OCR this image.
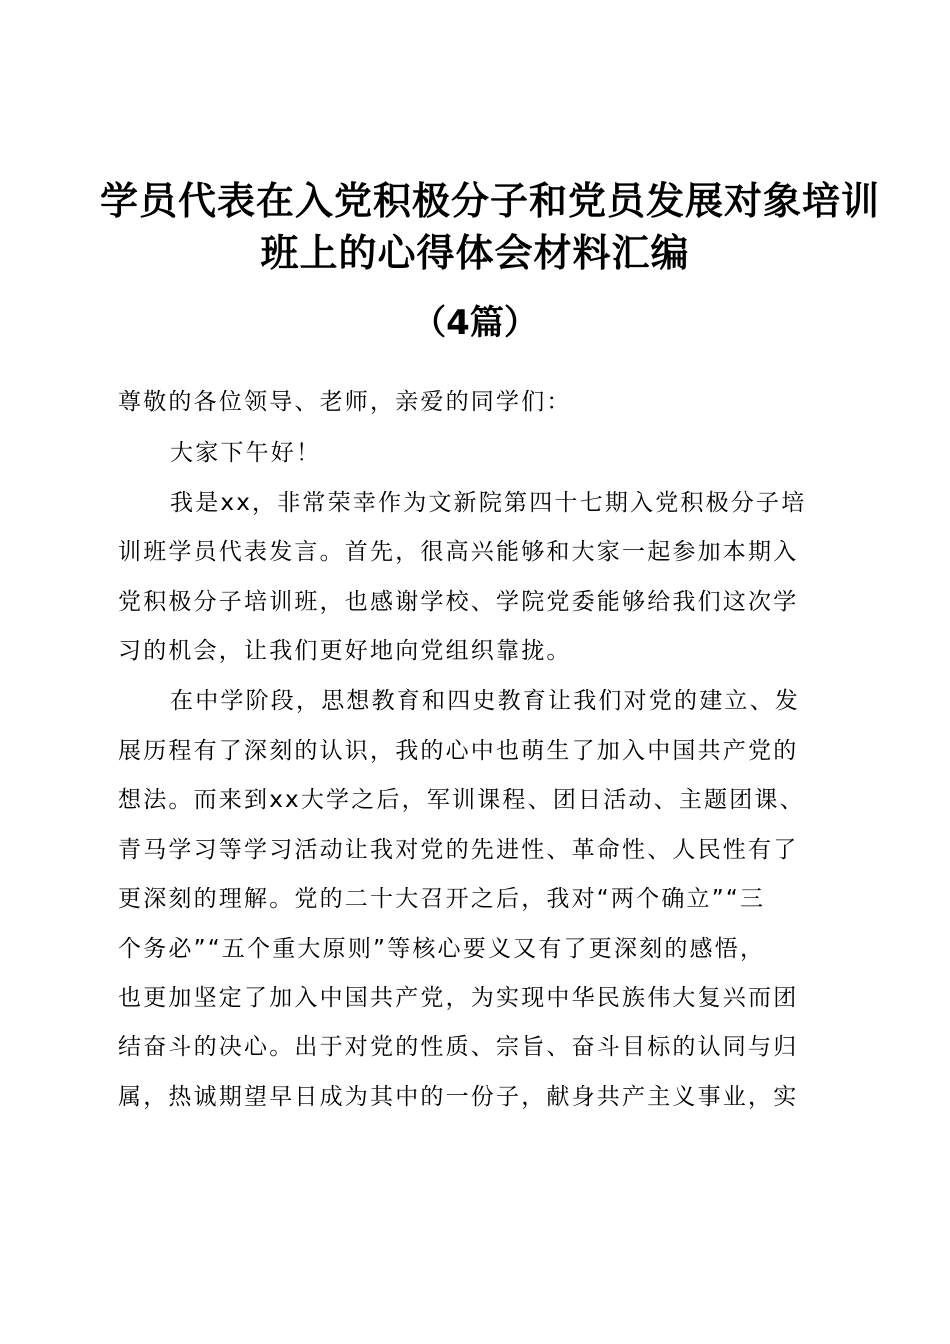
学员代表在入党积极分子和党员发展对象培训
班上的心得体会材料汇编
（4篇）
尊敬的各位领导、老师，亲爱的同学们：
大家下午好！
我是xx，非常荣幸作为文新院第四十七期入党积极分子培
训班学员代表发言。首先，很高兴能够和大家一起参加本期入
党积极分子培训班，也感谢学校、学院党委能够给我们这次学
习的机会，让我们更好地向党组织靠拢。
在中学阶段，思想教育和四史教育让我们对党的建立、发
展历程有了深刻的认识，我的心中也萌生了加入中国共产党的
想法。而来到xx大学之后，军训课程、团日活动、主题团课、
青马学习等学习活动让我对党的先进性、革命性、人民性有了
更深刻的理解。党的二十大召开之后，我对“两个确立”“三
个务必”“五个重大原则”等核心要义又有了更深刻的感悟，
也更加坚定了加入中国共产党，为实现中华民族伟大复兴而团
结奋斗的决心。出于对党的性质、宗旨、奋斗目标的认同与归
属，热诚期望早日成为其中的一份子，献身共产主义事业，实
